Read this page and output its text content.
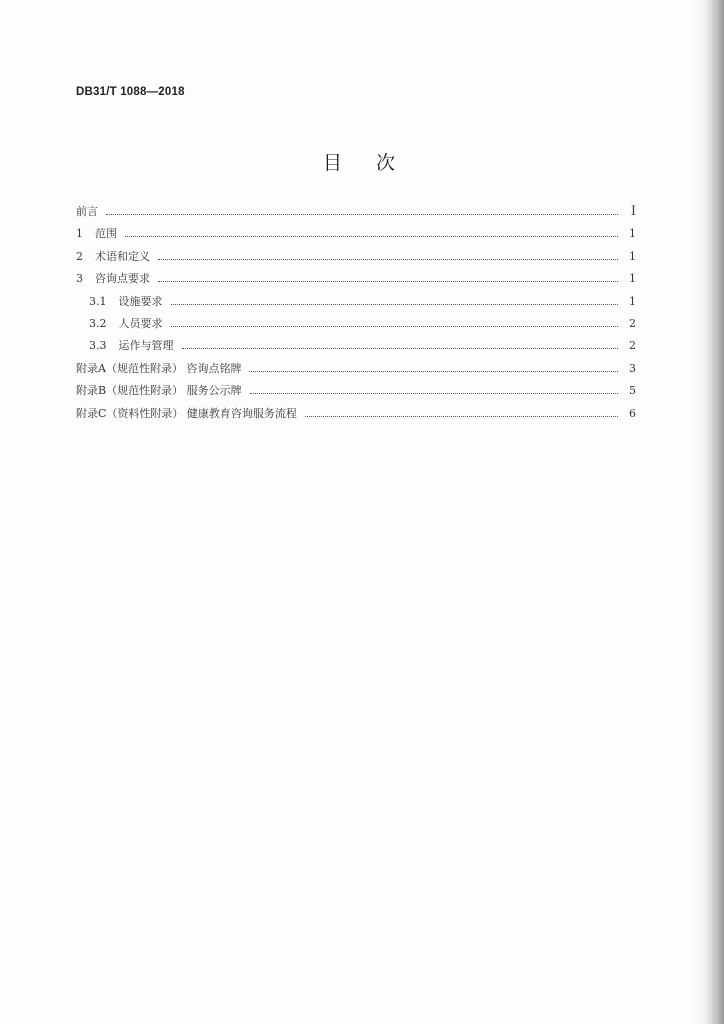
DB31/T 1088—2018
目次
前言	I
1 范围	1
2 术语和定义	1
3 咨询点要求	1
3.1 设施要求	1
3.2 人员要求	2
3.3 运作与管理	2
附录A（规范性附录） 咨询点铭牌	3
附录B（规范性附录） 服务公示牌	5
附录C（资料性附录） 健康教育咨询服务流程	6
